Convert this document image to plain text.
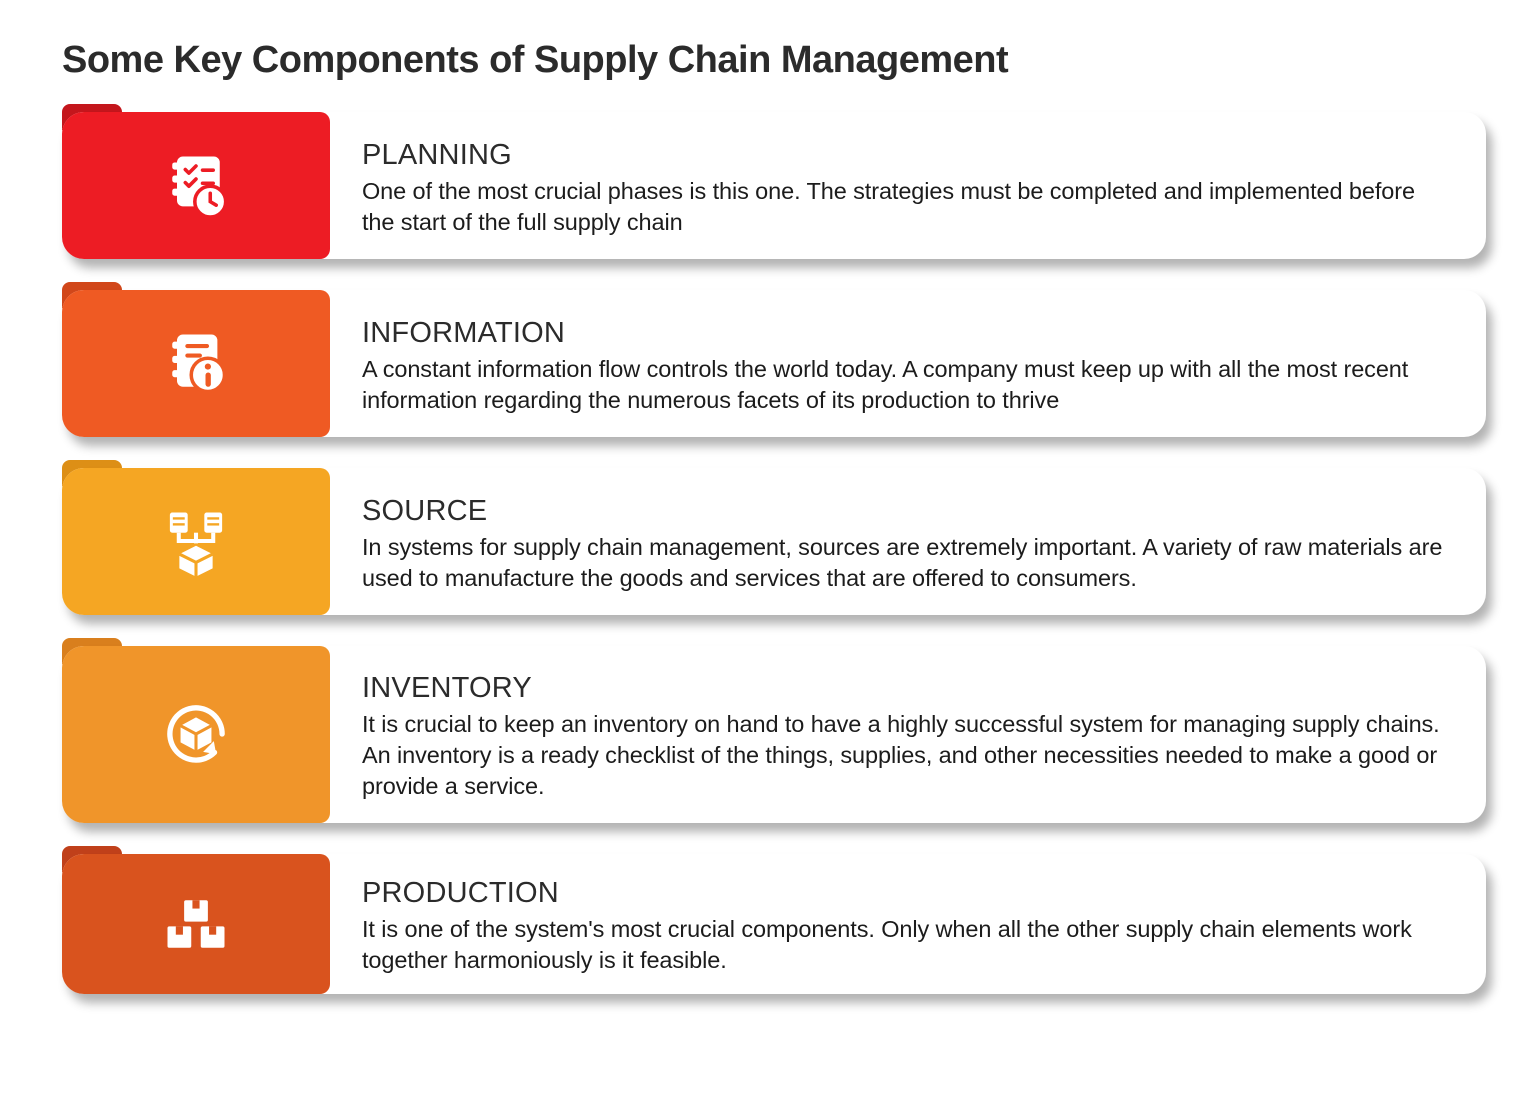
Some Key Components of Supply Chain Management
PLANNING
One of the most crucial phases is this one. The strategies must be completed and implemented before the start of the full supply chain
INFORMATION
A constant information flow controls the world today. A company must keep up with all the most recent information regarding the numerous facets of its production to thrive
SOURCE
In systems for supply chain management, sources are extremely important. A variety of raw materials are used to manufacture the goods and services that are offered to consumers.
INVENTORY
It is crucial to keep an inventory on hand to have a highly successful system for managing supply chains. An inventory is a ready checklist of the things, supplies, and other necessities needed to make a good or provide a service.
PRODUCTION
It is one of the system's most crucial components. Only when all the other supply chain elements work together harmoniously is it feasible.
